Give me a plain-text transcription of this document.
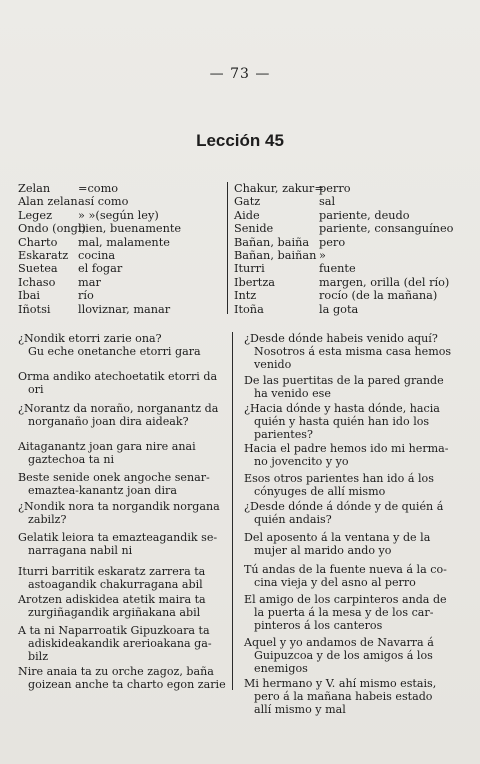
— 73 —
Lección 45
Zelan
Alan zelan
Legez
Ondo (ongi)
Charto
Eskaratz
Suetea
Ichaso
Ibai
Iñotsi
=como
así como
» »(según ley)
bien, buenamente
mal, malamente
cocina
el fogar
mar
río
lloviznar, manar
Chakur, zakur=
Gatz
Aide
Senide
Bañan, baiña
Bañan, baiñan
Iturri
Ibertza
Intz
Itoña
perro
sal
pariente, deudo
pariente, consanguíneo
pero
»
fuente
margen, orilla (del río)
rocío (de la mañana)
la gota
¿Nondik etorri zarie ona?
Gu eche onetanche etorri gara
Orma andiko atechoetatik etorri da
ori
¿Norantz da noraño, norganantz da
norganaño joan dira aideak?
Aitaganantz joan gara nire anai
gaztechoa ta ni
Beste senide onek angoche senar-
emaztea-kanantz joan dira
¿Nondik nora ta norgandik norgana
zabilz?
Gelatik leiora ta emazteagandik se-
narragana nabil ni
Iturri barritik eskaratz zarrera ta
astoagandik chakurragana abil
Arotzen adiskidea atetik maira ta
zurgiñagandik argiñakana abil
A ta ni Naparroatik Gipuzkoara ta
adiskideakandik arerioakana ga-
bilz
Nire anaia ta zu orche zagoz, baña
goizean anche ta charto egon zarie
¿Desde dónde habeis venido aquí?
Nosotros á esta misma casa hemos
venido
De las puertitas de la pared grande
ha venido ese
¿Hacia dónde y hasta dónde, hacia
quién y hasta quién han ido los
parientes?
Hacia el padre hemos ido mi herma-
no jovencito y yo
Esos otros parientes han ido á los
cónyuges de allí mismo
¿Desde dónde á dónde y de quién á
quién andais?
Del aposento á la ventana y de la
mujer al marido ando yo
Tú andas de la fuente nueva á la co-
cina vieja y del asno al perro
El amigo de los carpinteros anda de
la puerta á la mesa y de los car-
pinteros á los canteros
Aquel y yo andamos de Navarra á
Guipuzcoa y de los amigos á los
enemigos
Mi hermano y V. ahí mismo estais,
pero á la mañana habeis estado
allí mismo y mal
